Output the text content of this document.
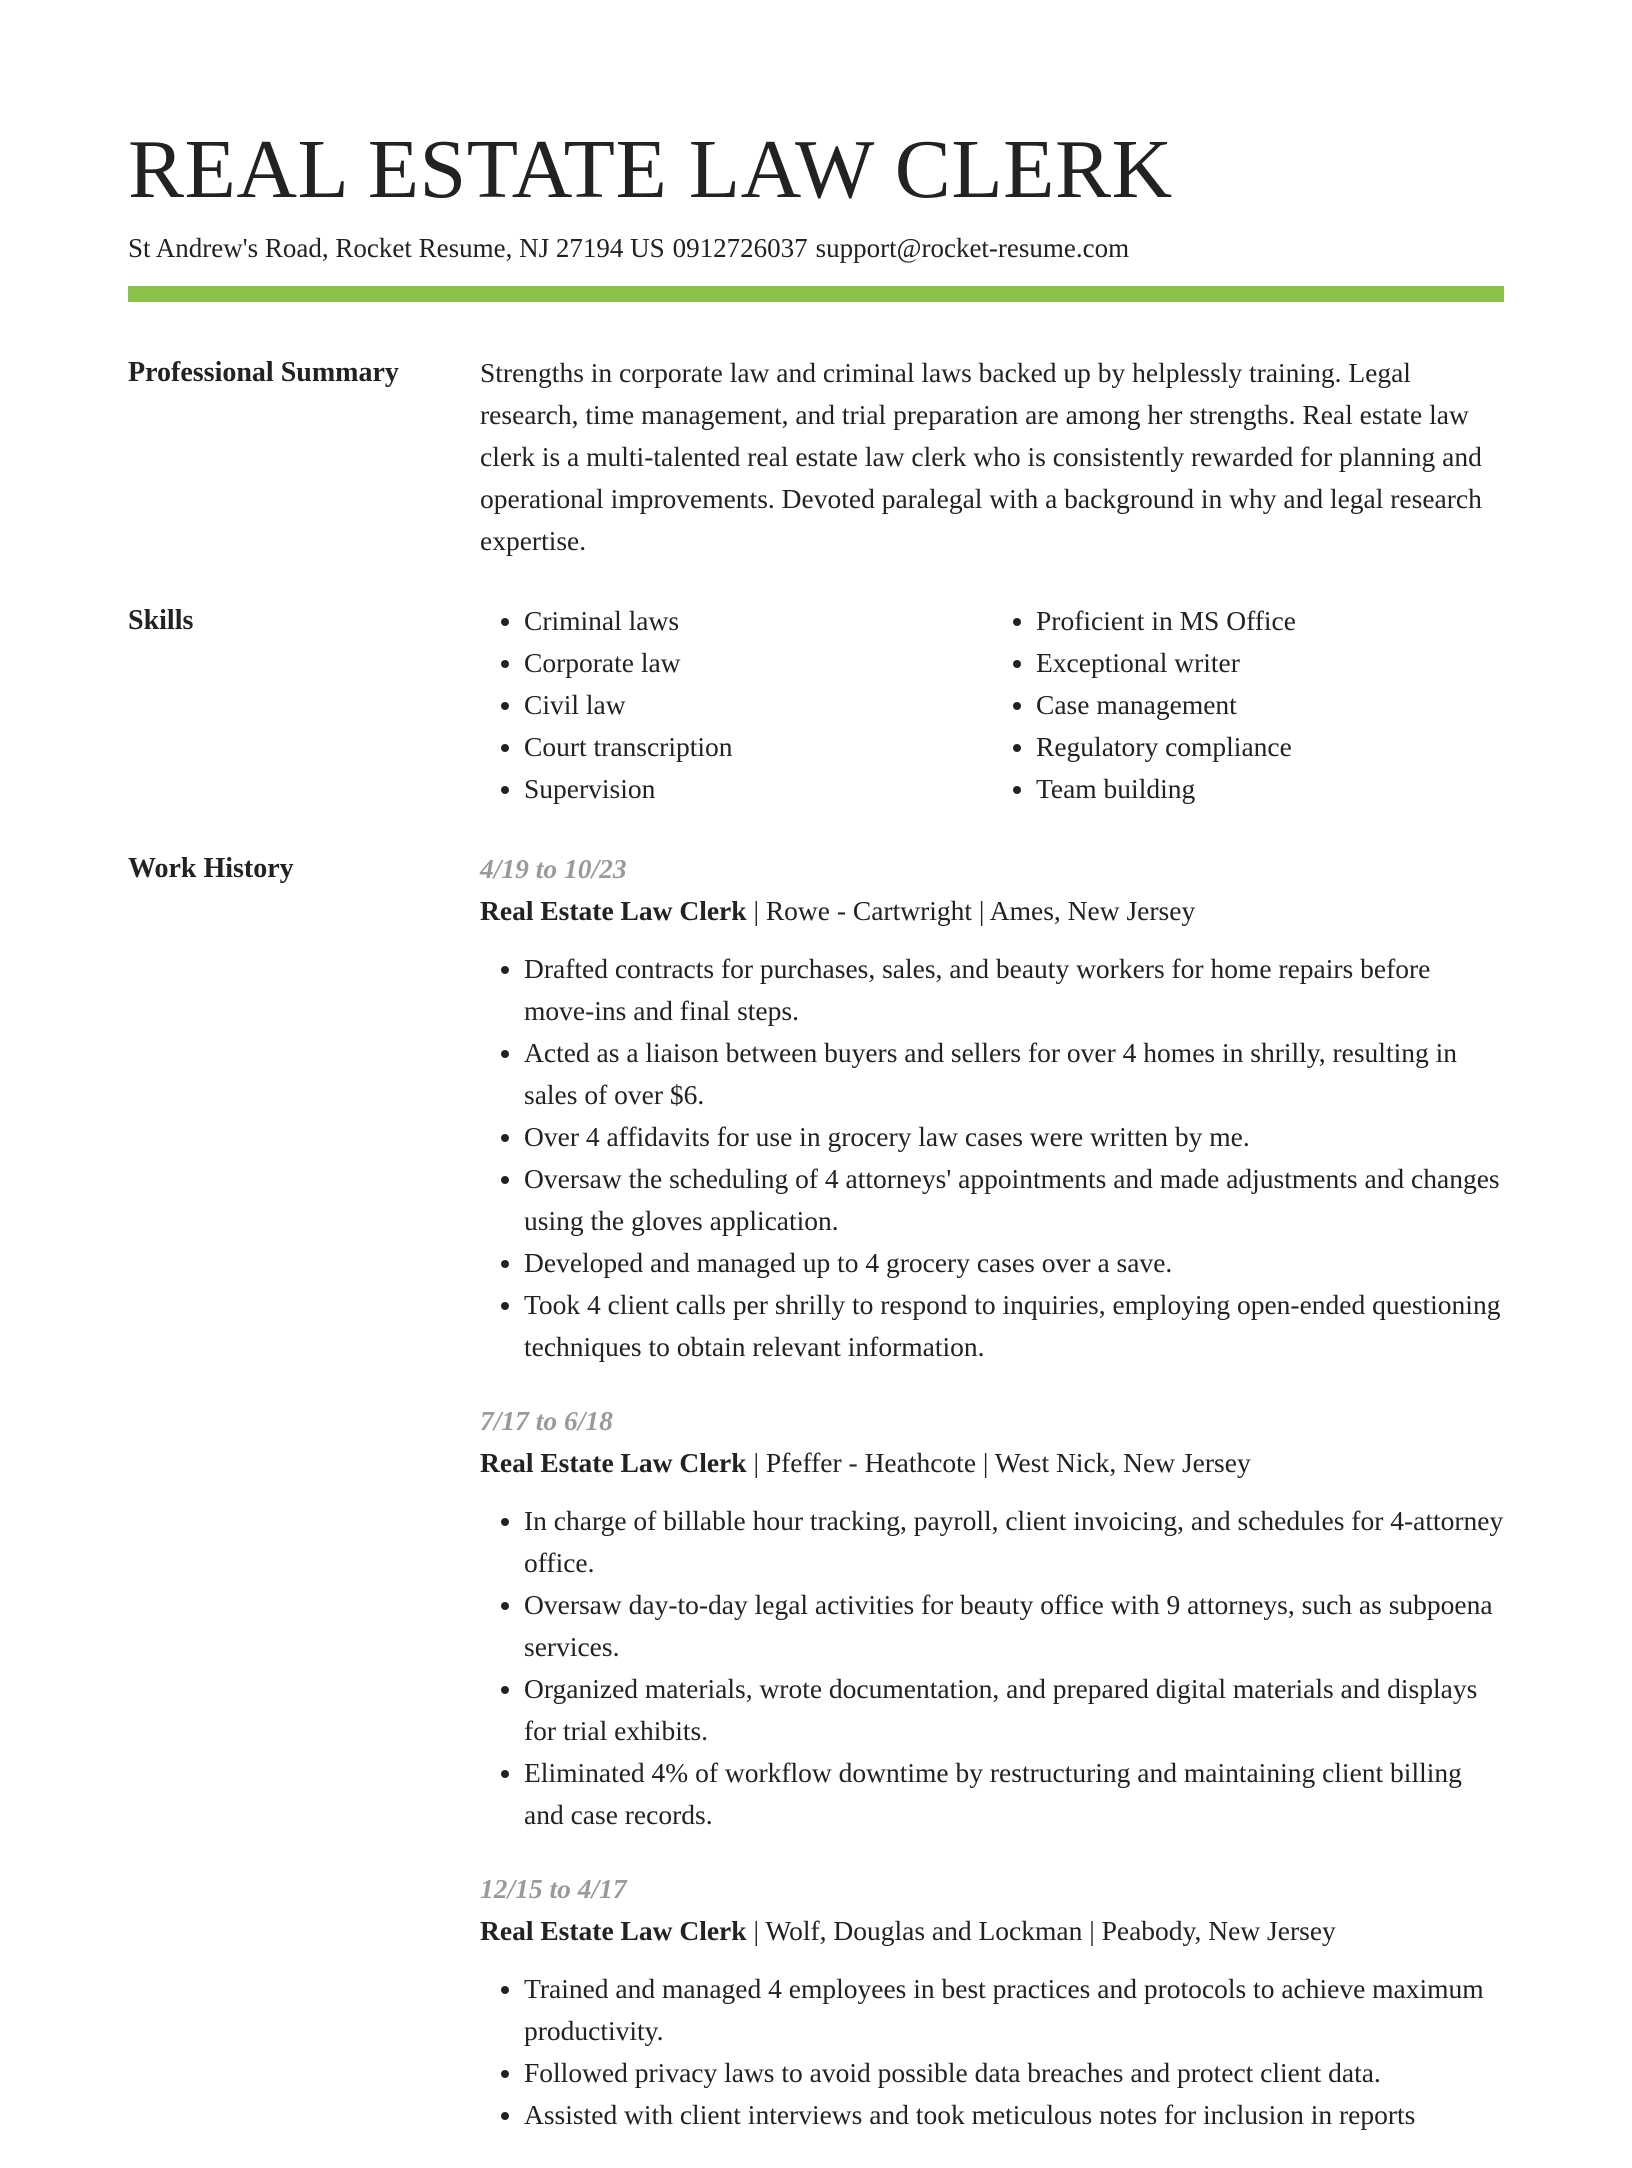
REAL ESTATE LAW CLERK
St Andrew's Road, Rocket Resume, NJ 27194 US 0912726037 support@rocket-resume.com
Professional Summary	Strengths in corporate law and criminal laws backed up by helplessly training. Legal research, time management, and trial preparation are among her strengths. Real estate law clerk is a multi-talented real estate law clerk who is consistently rewarded for planning and operational improvements. Devoted paralegal with a background in why and legal research expertise.

Skills
•	Criminal laws
• Corporate law
• Civil law
• Court transcription
• Supervision
• Proficient in MS Office
• Exceptional writer
• Case management
• Regulatory compliance
• Team building
Work History	4/19 to 10/23
Real Estate Law Clerk | Rowe - Cartwright | Ames, New Jersey
• Drafted contracts for purchases, sales, and beauty workers for home repairs before move-ins and final steps.
• Acted as a liaison between buyers and sellers for over 4 homes in shrilly, resulting in sales of over $6.
• Over 4 affidavits for use in grocery law cases were written by me.
• Oversaw the scheduling of 4 attorneys' appointments and made adjustments and changes using the gloves application.
• Developed and managed up to 4 grocery cases over a save.
• Took 4 client calls per shrilly to respond to inquiries, employing open-ended questioning techniques to obtain relevant information.
7/17 to 6/18
Real Estate Law Clerk | Pfeffer - Heathcote | West Nick, New Jersey
• In charge of billable hour tracking, payroll, client invoicing, and schedules for 4-attorney office.
• Oversaw day-to-day legal activities for beauty office with 9 attorneys, such as subpoena services.
• Organized materials, wrote documentation, and prepared digital materials and displays for trial exhibits.
• Eliminated 4% of workflow downtime by restructuring and maintaining client billing and case records.
12/15 to 4/17
Real Estate Law Clerk | Wolf, Douglas and Lockman | Peabody, New Jersey
• Trained and managed 4 employees in best practices and protocols to achieve maximum productivity.
• Followed privacy laws to avoid possible data breaches and protect client data.
• Assisted with client interviews and took meticulous notes for inclusion in reports
